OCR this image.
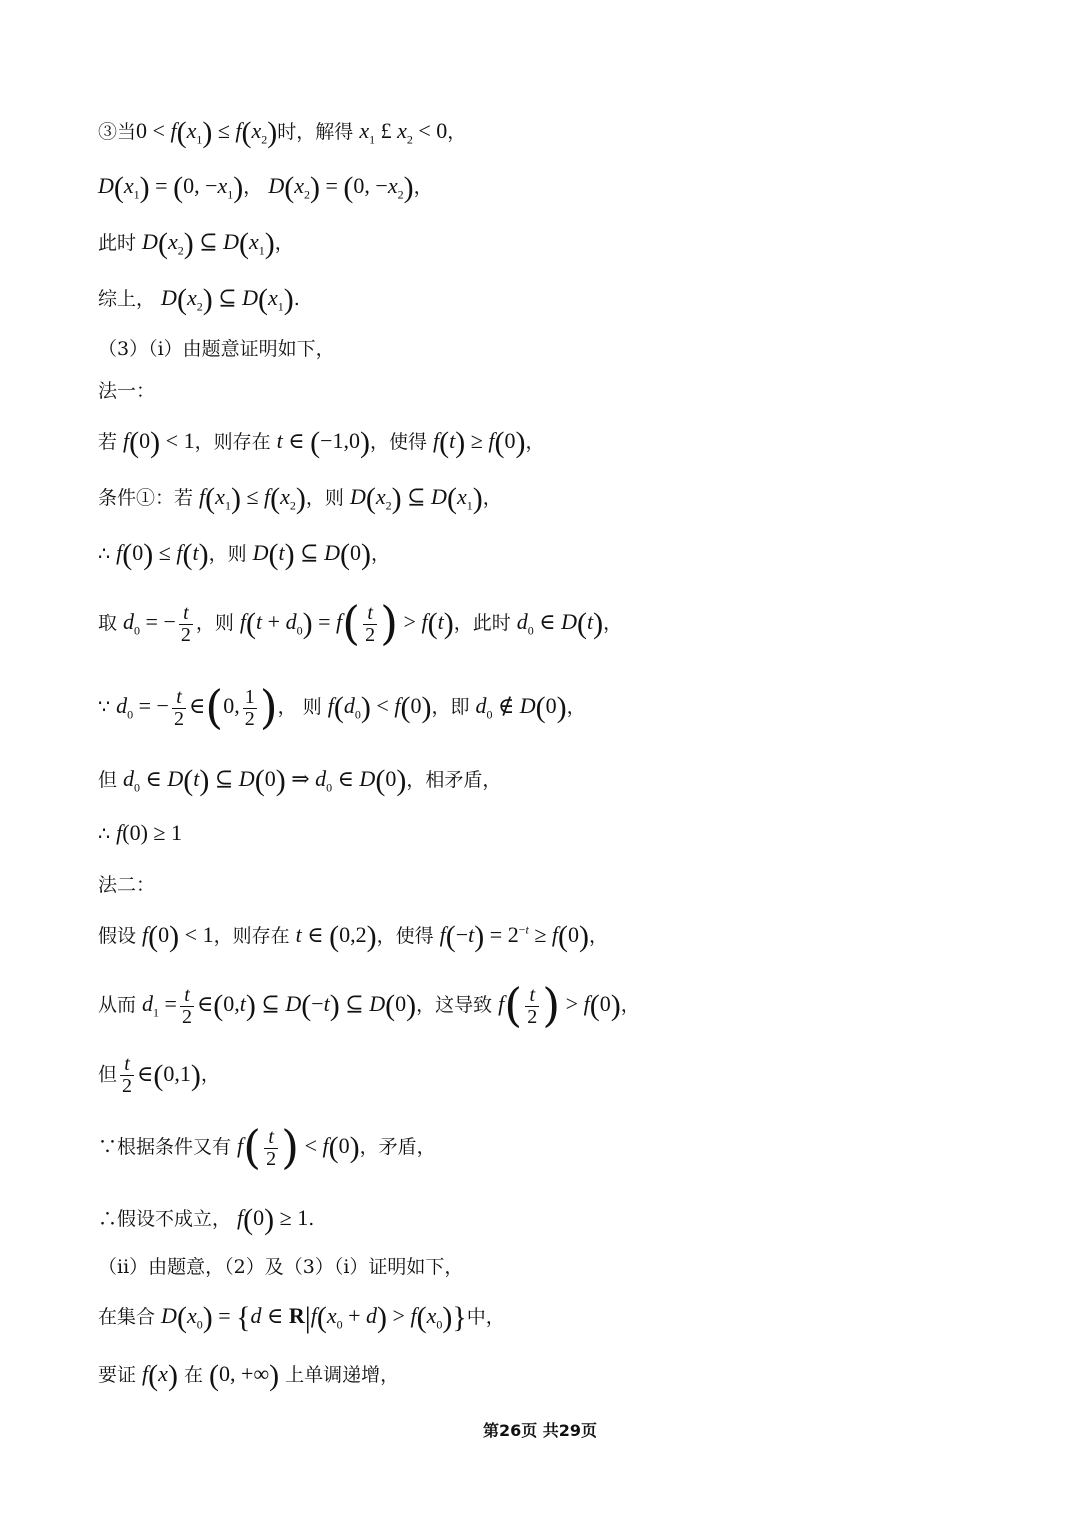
③当$0 < f(x_1) \le f(x_2)$时，解得 $x_1$ £ $x_2 < 0$，
$D(x_1) = (0$, $-x_1$)， $D(x_2) = (0$, $-x_2$)，
此时 $D(x_2)$ ⊆ $D(x_1)$，
综上， $D(x_2)$ ⊆ $D(x_1)$.
（3）（i）由题意证明如下，
法一：
若 f(0) < 1，则存在 t ∈ (−1,0)，使得 f(t) ≥ f(0)，
条件①：若 $f(x_1) \le f(x_2)$，则 $D(x_2)$ ⊆ $D(x_1)$，
∴ f(0) ≤ f(t)，则 D(t) ⊆ D(0)，
取 $d_0$ = − $\frac{t}{2}$ ，则 $f(t + d_0) = f( \frac{t}{2}$ ) > f(t)，此时 $d_0$ ∈ D(t)，
∵ $d_0$ = − $\frac{t}{2}$ ∈(0, $\frac{1}{2}$ )， 则 $f(d_0) < f(0)$，即 $d_0$ ∉ D(0)，
但 $d_0$ ∈ D(t) ⊆ D(0) ⇒ $d_0$ ∈ D(0)，相矛盾，
∴ f(0) ≥ 1
法二：
假设 f(0) < 1，则存在 t ∈ (0,2)，使得 $f(-t) = 2^{-t} \ge f(0)$，
从而 $d_1 = \frac{t}{2}$ ∈(0,t) ⊆ D(−t) ⊆ D(0)，这导致 $f( \frac{t}{2}$ ) > f(0)，
但 $\frac{t}{2}$ ∈(0,1)，
∵根据条件又有 $f( \frac{t}{2}$ ) < f(0)，矛盾，
∴假设不成立， f(0) ≥ 1.
（ii）由题意，（2）及（3）（i）证明如下，
在集合 $D(x_0) = \{d$ ∈ $R|f(x_0 + d) > f(x_0)$}中，
要证 f(x) 在 (0, +∞) 上单调递增，
第26页 共29页
